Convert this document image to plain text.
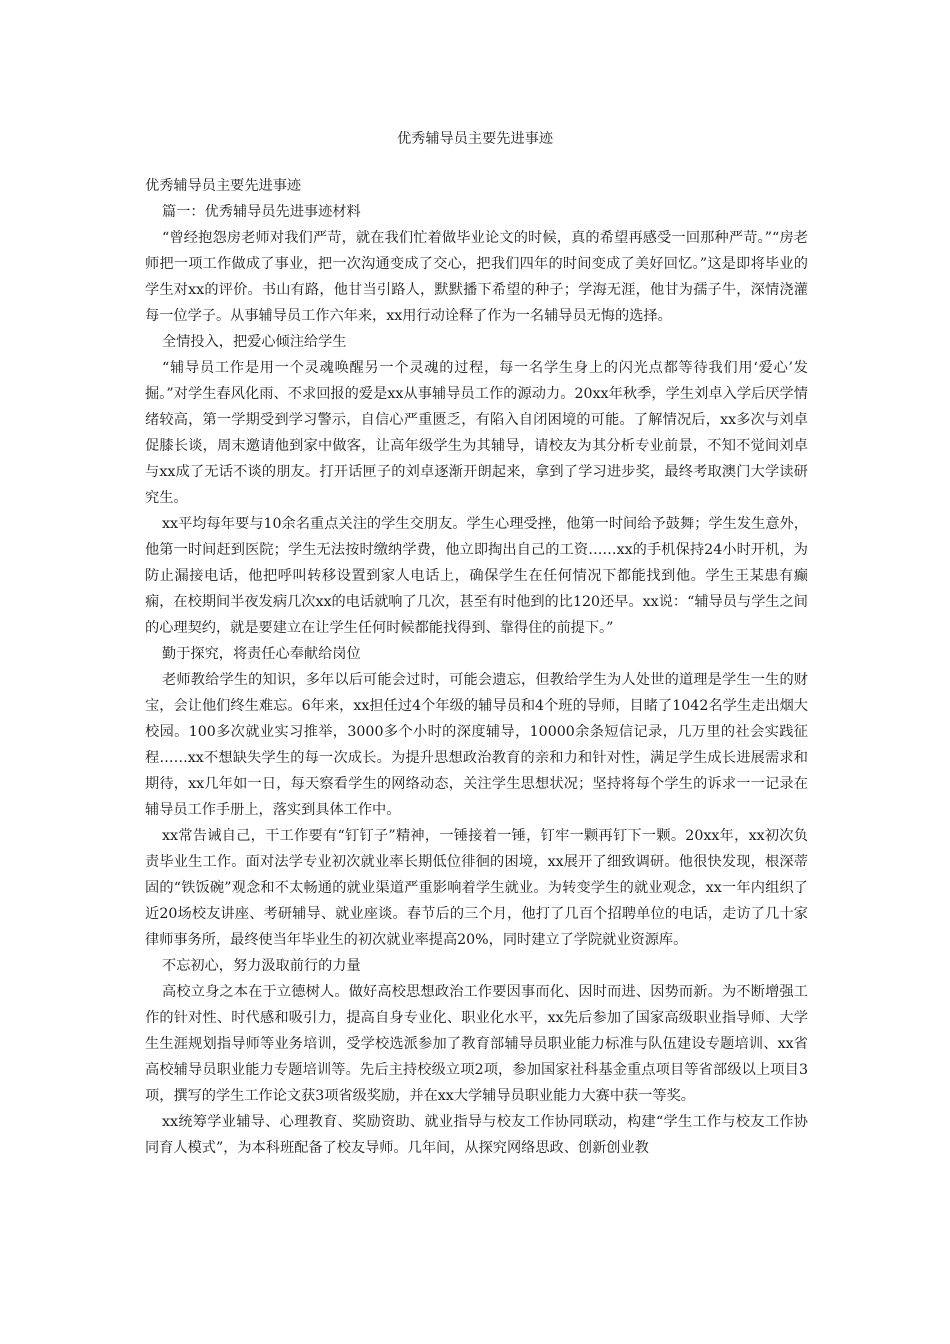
优秀辅导员主要先进事迹

优秀辅导员主要先进事迹

篇一：优秀辅导员先进事迹材料

“曾经抱怨房老师对我们严苛，就在我们忙着做毕业论文的时候，真的希望再感受一回那种严苛。”“房老师把一项工作做成了事业，把一次沟通变成了交心，把我们四年的时间变成了美好回忆。”这是即将毕业的学生对xx的评价。书山有路，他甘当引路人，默默播下希望的种子；学海无涯，他甘为孺子牛，深情浇灌每一位学子。从事辅导员工作六年来，xx用行动诠释了作为一名辅导员无悔的选择。

全情投入，把爱心倾注给学生

“辅导员工作是用一个灵魂唤醒另一个灵魂的过程，每一名学生身上的闪光点都等待我们用‘爱心’发掘。”对学生春风化雨、不求回报的爱是xx从事辅导员工作的源动力。20xx年秋季，学生刘卓入学后厌学情绪较高，第一学期受到学习警示，自信心严重匮乏，有陷入自闭困境的可能。了解情况后，xx多次与刘卓促膝长谈，周末邀请他到家中做客，让高年级学生为其辅导，请校友为其分析专业前景，不知不觉间刘卓与xx成了无话不谈的朋友。打开话匣子的刘卓逐渐开朗起来，拿到了学习进步奖，最终考取澳门大学读研究生。

xx平均每年要与10余名重点关注的学生交朋友。学生心理受挫，他第一时间给予鼓舞；学生发生意外，他第一时间赶到医院；学生无法按时缴纳学费，他立即掏出自己的工资……xx的手机保持24小时开机，为防止漏接电话，他把呼叫转移设置到家人电话上，确保学生在任何情况下都能找到他。学生王某患有癫痫，在校期间半夜发病几次xx的电话就响了几次，甚至有时他到的比120还早。xx说：“辅导员与学生之间的心理契约，就是要建立在让学生任何时候都能找得到、靠得住的前提下。”

勤于探究，将责任心奉献给岗位

老师教给学生的知识，多年以后可能会过时，可能会遗忘，但教给学生为人处世的道理是学生一生的财宝，会让他们终生难忘。6年来，xx担任过4个年级的辅导员和4个班的导师，目睹了1042名学生走出烟大校园。100多次就业实习推举，3000多个小时的深度辅导，10000余条短信记录，几万里的社会实践征程……xx不想缺失学生的每一次成长。为提升思想政治教育的亲和力和针对性，满足学生成长进展需求和期待，xx几年如一日，每天察看学生的网络动态，关注学生思想状况；坚持将每个学生的诉求一一记录在辅导员工作手册上，落实到具体工作中。

xx常告诫自己，干工作要有“钉钉子”精神，一锤接着一锤，钉牢一颗再钉下一颗。20xx年，xx初次负责毕业生工作。面对法学专业初次就业率长期低位徘徊的困境，xx展开了细致调研。他很快发现，根深蒂固的“铁饭碗”观念和不太畅通的就业渠道严重影响着学生就业。为转变学生的就业观念，xx一年内组织了近20场校友讲座、考研辅导、就业座谈。春节后的三个月，他打了几百个招聘单位的电话，走访了几十家律师事务所，最终使当年毕业生的初次就业率提高20%，同时建立了学院就业资源库。

不忘初心，努力汲取前行的力量

高校立身之本在于立德树人。做好高校思想政治工作要因事而化、因时而进、因势而新。为不断增强工作的针对性、时代感和吸引力，提高自身专业化、职业化水平，xx先后参加了国家高级职业指导师、大学生生涯规划指导师等业务培训，受学校选派参加了教育部辅导员职业能力标准与队伍建设专题培训、xx省高校辅导员职业能力专题培训等。先后主持校级立项2项，参加国家社科基金重点项目等省部级以上项目3项，撰写的学生工作论文获3项省级奖励，并在xx大学辅导员职业能力大赛中获一等奖。

xx统筹学业辅导、心理教育、奖励资助、就业指导与校友工作协同联动，构建“学生工作与校友工作协同育人模式”，为本科班配备了校友导师。几年间，从探究网络思政、创新创业教
